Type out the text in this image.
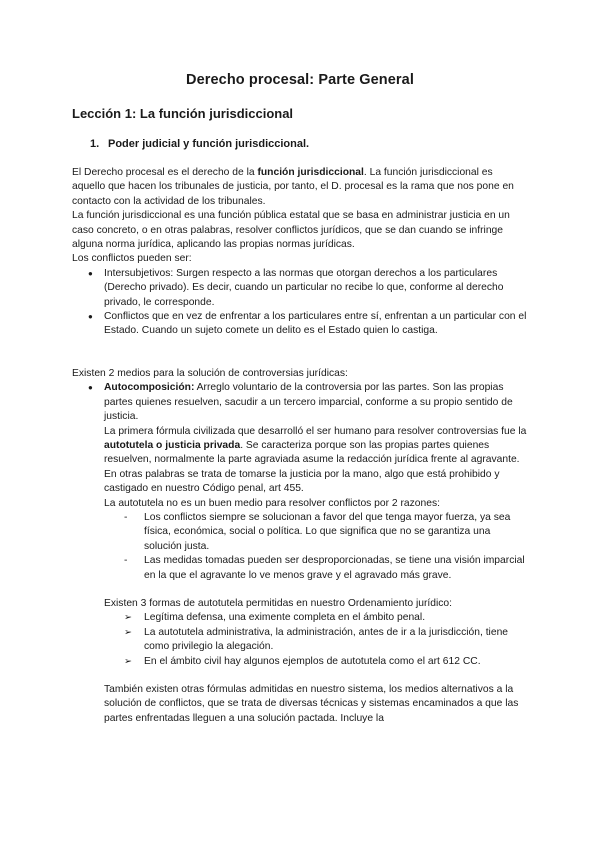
Derecho procesal: Parte General
Lección 1: La función jurisdiccional
1. Poder judicial y función jurisdiccional.

El Derecho procesal es el derecho de la función jurisdiccional. La función jurisdiccional es aquello que hacen los tribunales de justicia, por tanto, el D. procesal es la rama que nos pone en contacto con la actividad de los tribunales.

La función jurisdiccional es una función pública estatal que se basa en administrar justicia en un caso concreto, o en otras palabras, resolver conflictos jurídicos, que se dan cuando se infringe alguna norma jurídica, aplicando las propias normas jurídicas.

Los conflictos pueden ser:

● Intersubjetivos: Surgen respecto a las normas que otorgan derechos a los particulares (Derecho privado). Es decir, cuando un particular no recibe lo que, conforme al derecho privado, le corresponde.
● Conflictos que en vez de enfrentar a los particulares entre sí, enfrentan a un particular con el Estado. Cuando un sujeto comete un delito es el Estado quien lo castiga.

Existen 2 medios para la solución de controversias jurídicas:

● Autocomposición: Arreglo voluntario de la controversia por las partes. Son las propias partes quienes resuelven, sacudir a un tercero imparcial, conforme a su propio sentido de justicia.

La primera fórmula civilizada que desarrolló el ser humano para resolver controversias fue la autotutela o justicia privada. Se caracteriza porque son las propias partes quienes resuelven, normalmente la parte agraviada asume la redacción jurídica frente al agravante.

En otras palabras se trata de tomarse la justicia por la mano, algo que está prohibido y castigado en nuestro Código penal, art 455.

La autotutela no es un buen medio para resolver conflictos por 2 razones:

- Los conflictos siempre se solucionan a favor del que tenga mayor fuerza, ya sea física, económica, social o política. Lo que significa que no se garantiza una solución justa.
- Las medidas tomadas pueden ser desproporcionadas, se tiene una visión imparcial en la que el agravante lo ve menos grave y el agravado más grave.

Existen 3 formas de autotutela permitidas en nuestro Ordenamiento jurídico:

➢ Legítima defensa, una eximente completa en el ámbito penal.
➢ La autotutela administrativa, la administración, antes de ir a la jurisdicción, tiene como privilegio la alegación.
➢ En el ámbito civil hay algunos ejemplos de autotutela como el art 612 CC.

También existen otras fórmulas admitidas en nuestro sistema, los medios alternativos a la solución de conflictos, que se trata de diversas técnicas y sistemas encaminados a que las partes enfrentadas lleguen a una solución pactada. Incluye la
